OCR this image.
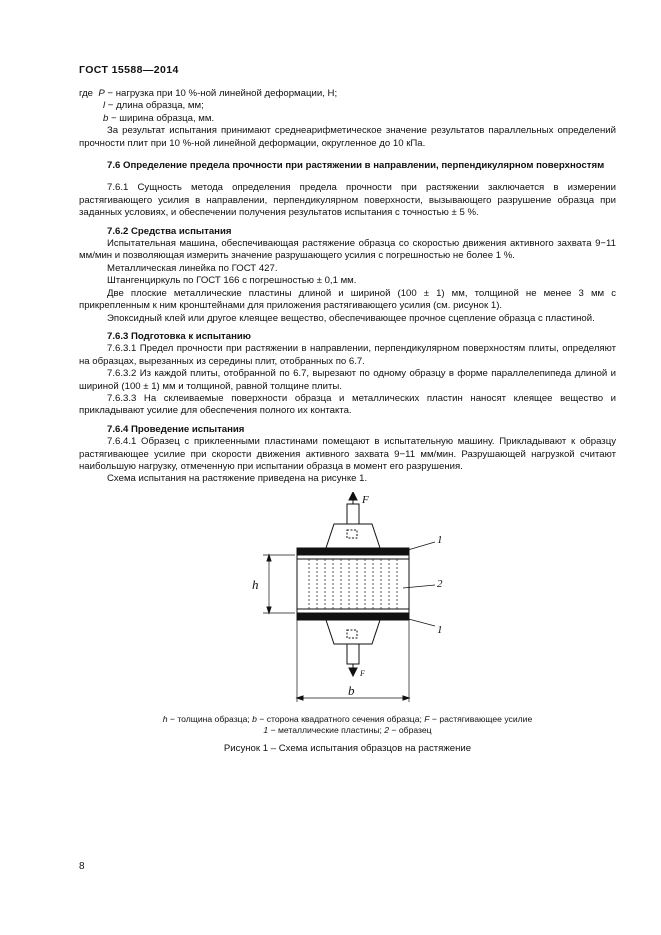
ГОСТ 15588—2014

где P − нагрузка при 10 %-ной линейной деформации, Н;

l − длина образца, мм;

b − ширина образца, мм.

За результат испытания принимают среднеарифметическое значение результатов параллельных определений прочности плит при 10 %-ной линейной деформации, округленное до 10 кПа.

7.6 Определение предела прочности при растяжении в направлении, перпендикулярном поверхностям

7.6.1 Сущность метода определения предела прочности при растяжении заключается в измерении растягивающего усилия в направлении, перпендикулярном поверхности, вызывающего разрушение образца при заданных условиях, и обеспечении получения результатов испытания с точностью ± 5 %.

7.6.2 Средства испытания

Испытательная машина, обеспечивающая растяжение образца со скоростью движения активного захвата 9−11 мм/мин и позволяющая измерить значение разрушающего усилия с погрешностью не более 1 %.

Металлическая линейка по ГОСТ 427.

Штангенциркуль по ГОСТ 166 с погрешностью ± 0,1 мм.

Две плоские металлические пластины длиной и шириной (100 ± 1) мм, толщиной не менее 3 мм с прикрепленным к ним кронштейнами для приложения растягивающего усилия (см. рисунок 1).

Эпоксидный клей или другое клеящее вещество, обеспечивающее прочное сцепление образца с пластиной.

7.6.3 Подготовка к испытанию

7.6.3.1 Предел прочности при растяжении в направлении, перпендикулярном поверхностям плиты, определяют на образцах, вырезанных из середины плит, отобранных по 6.7.

7.6.3.2 Из каждой плиты, отобранной по 6.7, вырезают по одному образцу в форме параллелепипеда длиной и шириной (100 ± 1) мм и толщиной, равной толщине плиты.

7.6.3.3 На склеиваемые поверхности образца и металлических пластин наносят клеящее вещество и прикладывают усилие для обеспечения полного их контакта.

7.6.4 Проведение испытания

7.6.4.1 Образец с приклеенными пластинами помещают в испытательную машину. Прикладывают к образцу растягивающее усилие при скорости движения активного захвата 9−11 мм/мин. Разрушающей нагрузкой считают наибольшую нагрузку, отмеченную при испытании образца в момент его разрушения.

Схема испытания на растяжение приведена на рисунке 1.

F
F
h
b
1
2
1

h − толщина образца; b − сторона квадратного сечения образца; F − растягивающее усилие

1 − металлические пластины; 2 − образец

Рисунок 1 – Схема испытания образцов на растяжение

8
